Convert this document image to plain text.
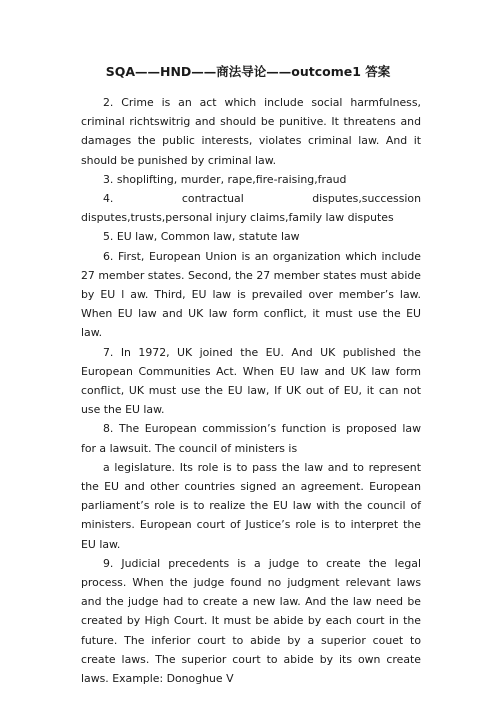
SQA——HND——商法导论——outcome1 答案

2. Crime is an act which include social harmfulness, criminal richtswitrig and should be punitive. It threatens and damages the public interests, violates criminal law. And it should be punished by criminal law.

3. shoplifting, murder, rape,fire-raising,fraud

4. contractual disputes,succession disputes,trusts,personal injury claims,family law disputes

5. EU law, Common law, statute law

6. First, European Union is an organization which include 27 member states. Second, the 27 member states must abide by EU l aw. Third, EU law is prevailed over member’s law. When EU law and UK law form conflict, it must use the EU law.

7. In 1972, UK joined the EU. And UK published the European Communities Act. When EU law and UK law form conflict, UK must use the EU law, If UK out of EU, it can not use the EU law.

8. The European commission’s function is proposed law for a lawsuit. The council of ministers is

a legislature. Its role is to pass the law and to represent the EU and other countries signed an agreement. European parliament’s role is to realize the EU law with the council of ministers. European court of Justice’s role is to interpret the EU law.

9. Judicial precedents is a judge to create the legal process. When the judge found no judgment relevant laws and the judge had to create a new law. And the law need be created by High Court. It must be abide by each court in the future. The inferior court to abide by a superior couet to create laws. The superior court to abide by its own create laws. Example: Donoghue V
